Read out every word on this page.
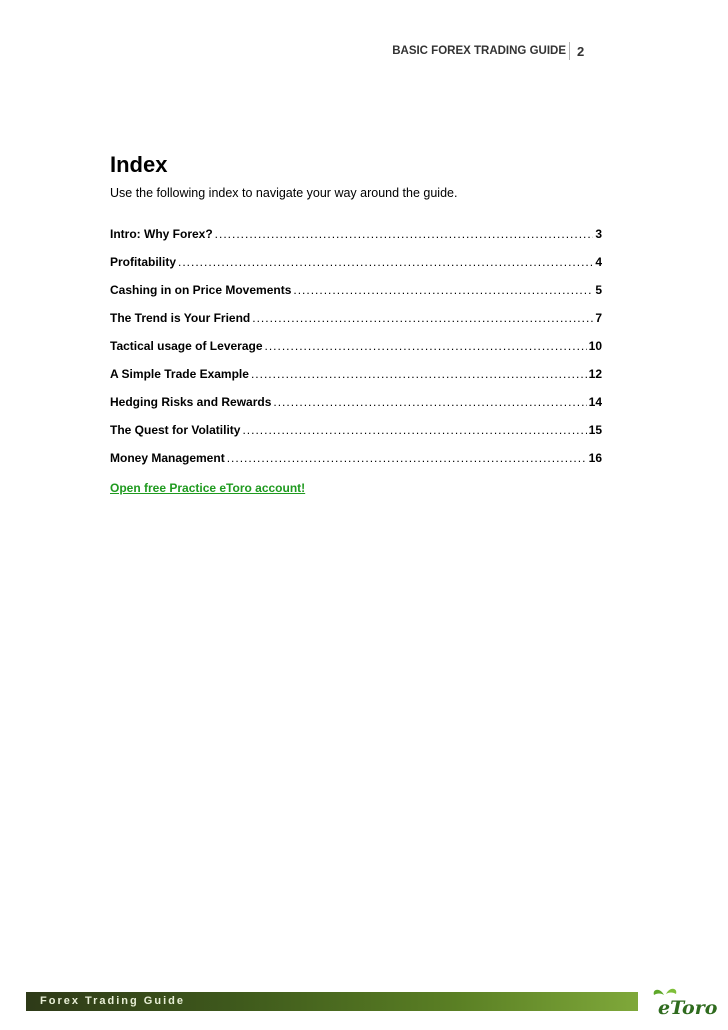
BASIC FOREX TRADING GUIDE 2
Index

Use the following index to navigate your way around the guide.

Intro: Why Forex? .....	3
Profitability .....	4
Cashing in on Price Movements .....	5
The Trend is Your Friend .....	7
Tactical usage of Leverage .....	10
A Simple Trade Example .....	12
Hedging Risks and Rewards .....	14
The Quest for Volatility .....	15
Money Management .....	16
Open free Practice eToro account!
Forex Trading Guide	eToro
